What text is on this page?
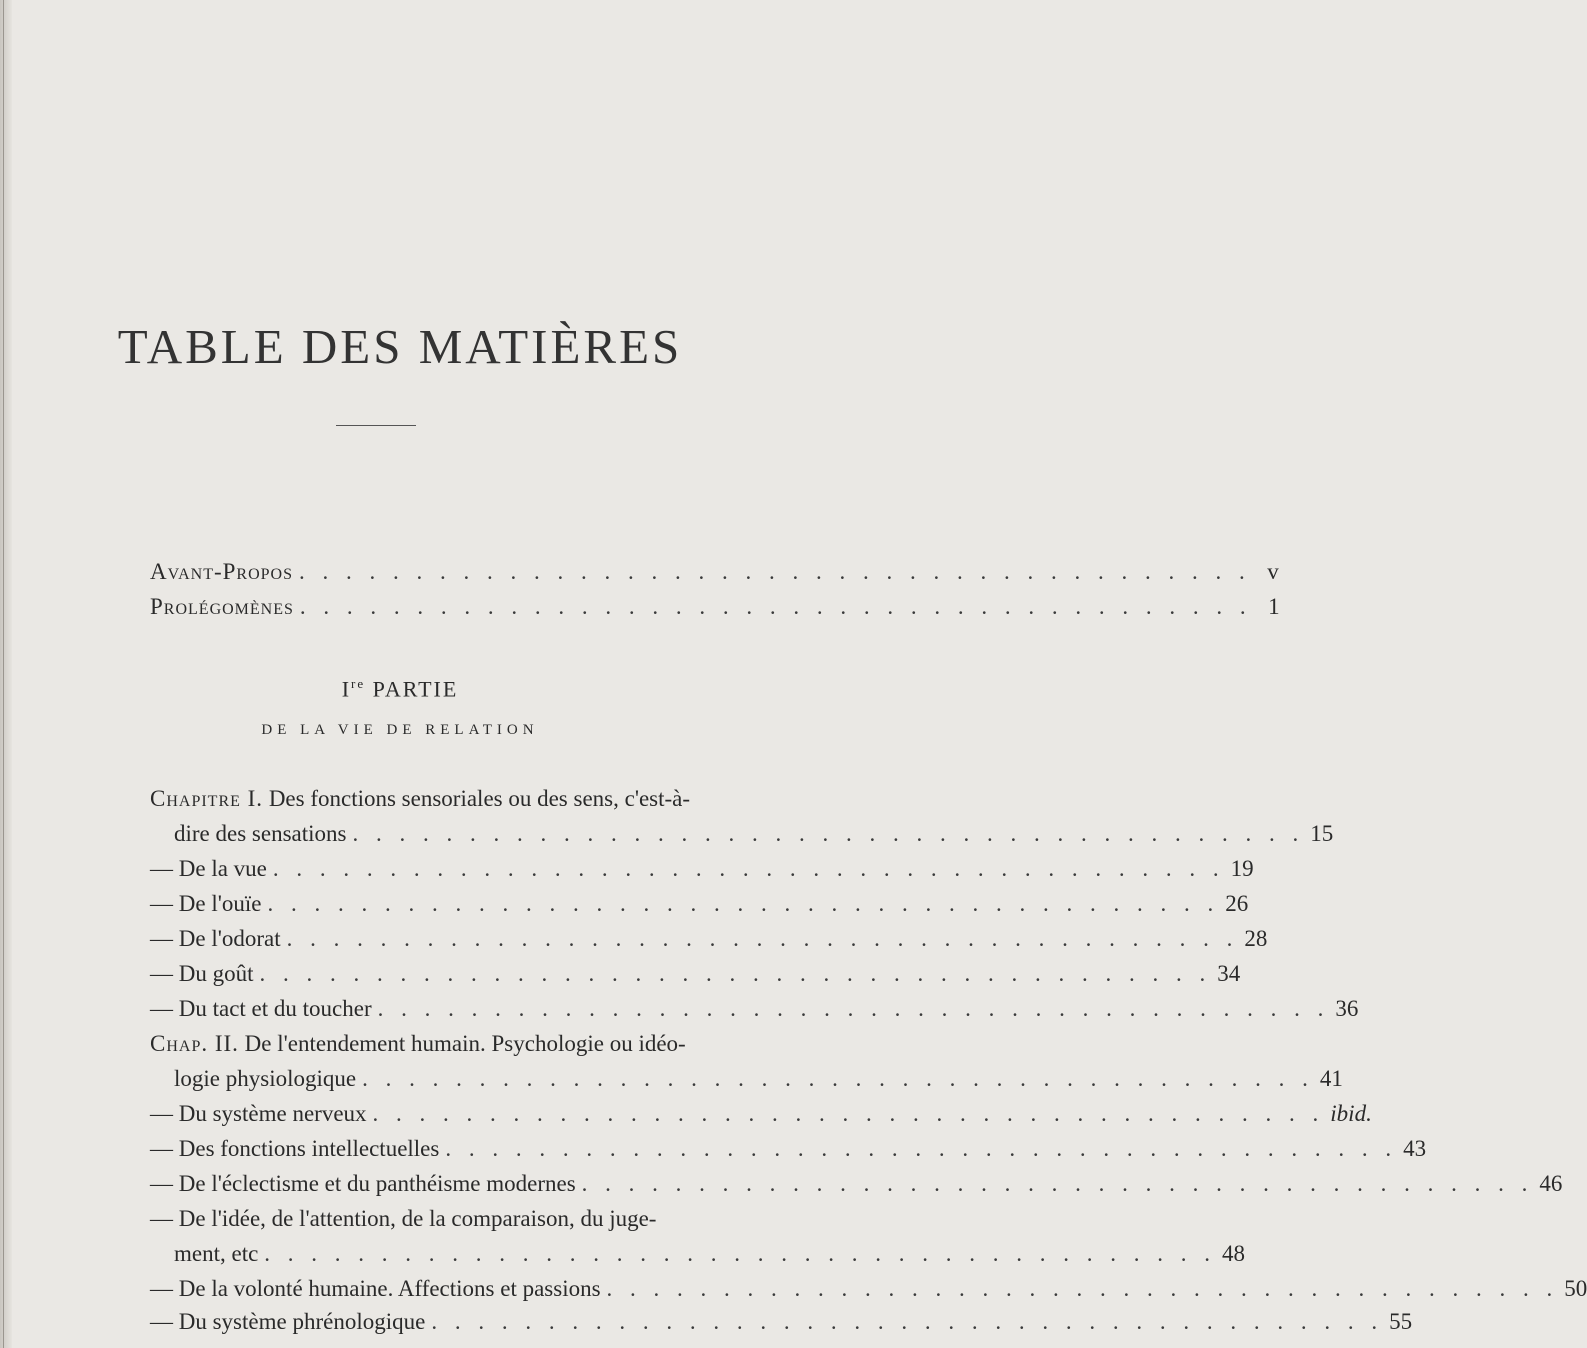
TABLE DES MATIÈRES
Avant-Propos . . . . . . . . . . . . . . . . . . . . . . . . . . . . . . . . . . . . . . . . . v
Prolégomènes . . . . . . . . . . . . . . . . . . . . . . . . . . . . . . . . . . . . . . . . . 1
Ire PARTIE
DE LA VIE DE RELATION
Chapitre I. Des fonctions sensoriales ou des sens, c'est-à-
dire des sensations . . . . . . . . . . . . . . . . . . . . . . . . . . . . . . . . . . . . . . . . . 15
— De la vue . . . . . . . . . . . . . . . . . . . . . . . . . . . . . . . . . . . . . . . . . 19
— De l'ouïe . . . . . . . . . . . . . . . . . . . . . . . . . . . . . . . . . . . . . . . . . 26
— De l'odorat . . . . . . . . . . . . . . . . . . . . . . . . . . . . . . . . . . . . . . . . . 28
— Du goût . . . . . . . . . . . . . . . . . . . . . . . . . . . . . . . . . . . . . . . . . 34
— Du tact et du toucher . . . . . . . . . . . . . . . . . . . . . . . . . . . . . . . . . . . . . . . . . 36
Chap. II. De l'entendement humain. Psychologie ou idéo-
logie physiologique . . . . . . . . . . . . . . . . . . . . . . . . . . . . . . . . . . . . . . . . . 41
— Du système nerveux . . . . . . . . . . . . . . . . . . . . . . . . . . . . . . . . . . . . . . . . . ibid.
— Des fonctions intellectuelles . . . . . . . . . . . . . . . . . . . . . . . . . . . . . . . . . . . . . . . . . 43
— De l'éclectisme et du panthéisme modernes . . . . . . . . . . . . . . . . . . . . . . . . . . . . . . . . . . . . . . . . . 46
— De l'idée, de l'attention, de la comparaison, du juge-
ment, etc . . . . . . . . . . . . . . . . . . . . . . . . . . . . . . . . . . . . . . . . . 48
— De la volonté humaine. Affections et passions . . . . . . . . . . . . . . . . . . . . . . . . . . . . . . . . . . . . . . . . . 50
— Du système phrénologique . . . . . . . . . . . . . . . . . . . . . . . . . . . . . . . . . . . . . . . . . 55
